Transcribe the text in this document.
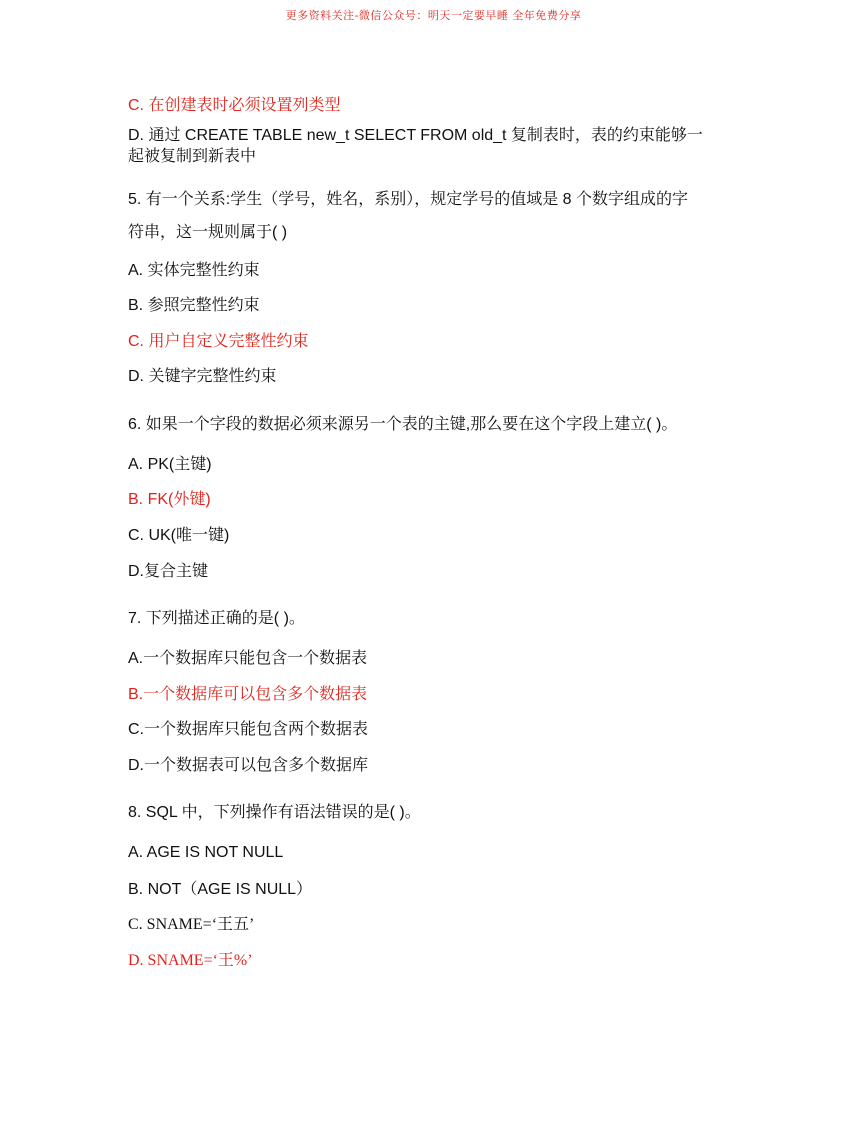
更多资料关注-微信公众号：明天一定要早睡 全年免费分享
C. 在创建表时必须设置列类型
D. 通过 CREATE TABLE new_t SELECT FROM old_t 复制表时，表的约束能够一
起被复制到新表中
5. 有一个关系:学生（学号，姓名，系别），规定学号的值域是 8 个数字组成的字
符串，这一规则属于( )
A. 实体完整性约束
B. 参照完整性约束
C. 用户自定义完整性约束
D. 关键字完整性约束
6. 如果一个字段的数据必须来源另一个表的主键,那么要在这个字段上建立( )。
A. PK(主键)
B. FK(外键)
C. UK(唯一键)
D.复合主键
7. 下列描述正确的是( )。
A.一个数据库只能包含一个数据表
B.一个数据库可以包含多个数据表
C.一个数据库只能包含两个数据表
D.一个数据表可以包含多个数据库
8. SQL 中，下列操作有语法错误的是( )。
A. AGE IS NOT NULL
B. NOT（AGE IS NULL）
C. SNAME=‘王五’
D. SNAME=‘王%’
